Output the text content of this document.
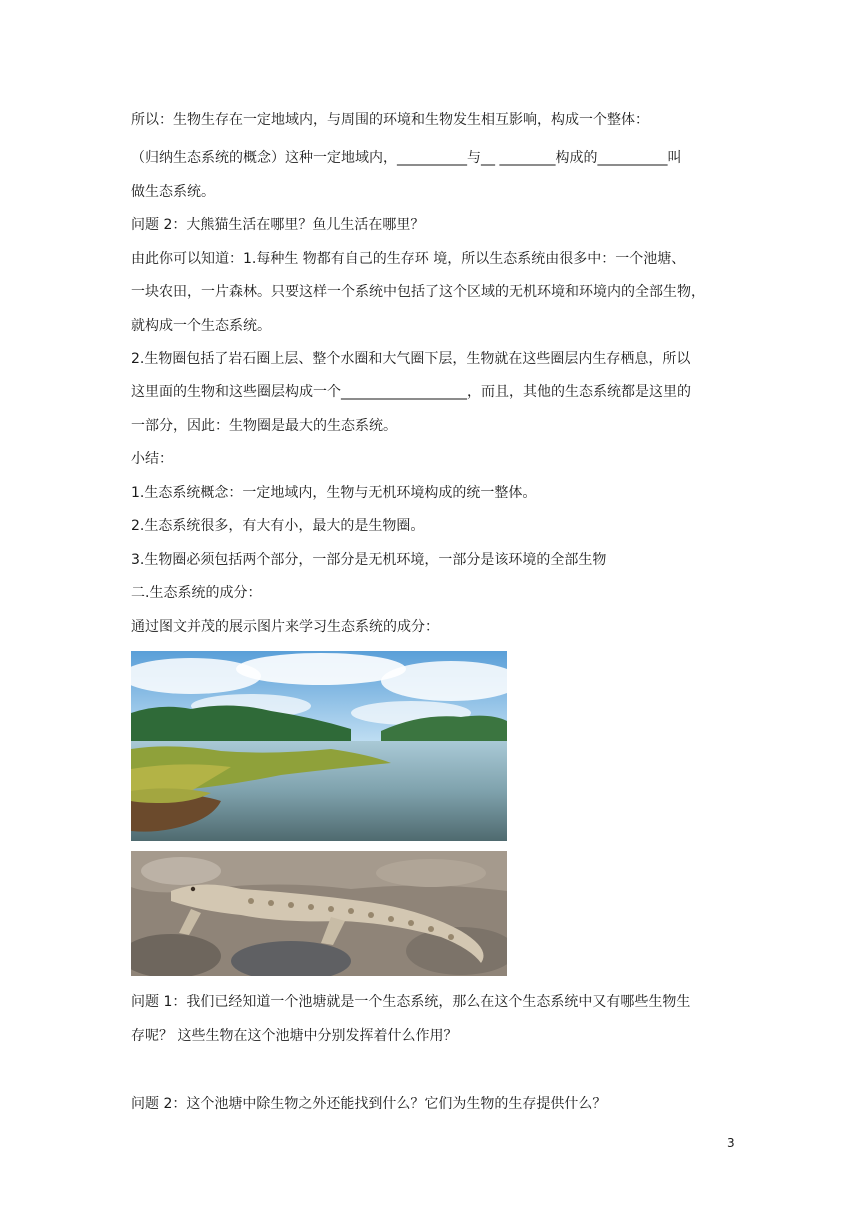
所以：生物生存在一定地域内，与周围的环境和生物发生相互影响，构成一个整体：
（归纳生态系统的概念）这种一定地域内，__________与__ ________构成的__________叫
做生态系统。
问题 2：大熊猫生活在哪里？鱼儿生活在哪里？
由此你可以知道：1.每种生 物都有自己的生存环 境，所以生态系统由很多中：一个池塘、
一块农田，一片森林。只要这样一个系统中包括了这个区域的无机环境和环境内的全部生物，
就构成一个生态系统。
2.生物圈包括了岩石圈上层、整个水圈和大气圈下层，生物就在这些圈层内生存栖息，所以
这里面的生物和这些圈层构成一个__________________，而且，其他的生态系统都是这里的
一部分，因此：生物圈是最大的生态系统。
小结：
1.生态系统概念：一定地域内，生物与无机环境构成的统一整体。
2.生态系统很多，有大有小，最大的是生物圈。
3.生物圈必须包括两个部分，一部分是无机环境，一部分是该环境的全部生物
二.生态系统的成分：
通过图文并茂的展示图片来学习生态系统的成分：
问题 1：我们已经知道一个池塘就是一个生态系统，那么在这个生态系统中又有哪些生物生
存呢？ 这些生物在这个池塘中分别发挥着什么作用？
问题 2：这个池塘中除生物之外还能找到什么？它们为生物的生存提供什么？
3
